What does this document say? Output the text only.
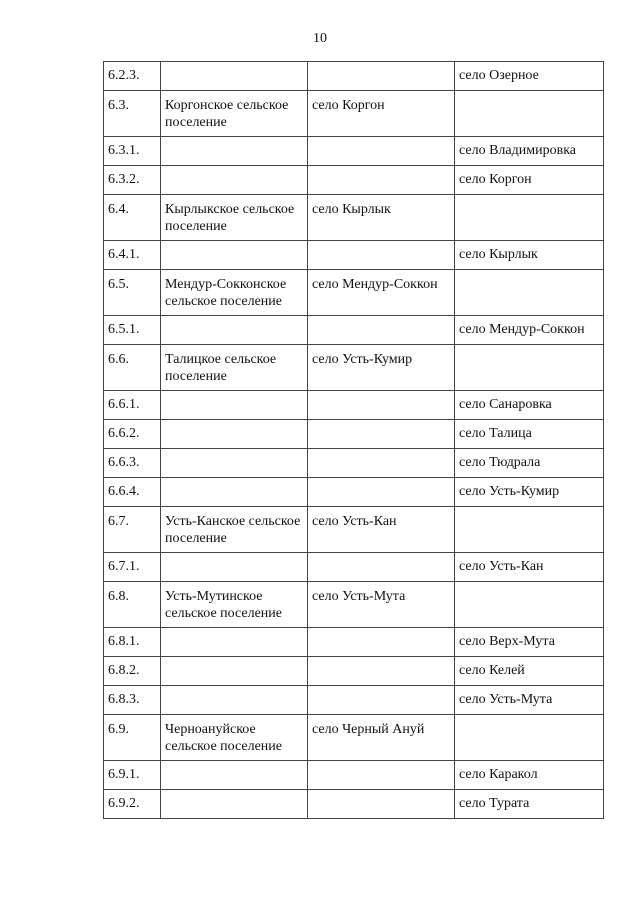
10
6.2.3.			село Озерное
6.3.	Коргонское сельское поселение	село Коргон	
6.3.1.			село Владимировка
6.3.2.			село Коргон
6.4.	Кырлыкское сельское поселение	село Кырлык	
6.4.1.			село Кырлык
6.5.	Мендур-Сокконское сельское поселение	село Мендур-Соккон	
6.5.1.			село Мендур-Соккон
6.6.	Талицкое сельское поселение	село Усть-Кумир	
6.6.1.			село Санаровка
6.6.2.			село Талица
6.6.3.			село Тюдрала
6.6.4.			село Усть-Кумир
6.7.	Усть-Канское сельское поселение	село Усть-Кан	
6.7.1.			село Усть-Кан
6.8.	Усть-Мутинское сельское поселение	село Усть-Мута	
6.8.1.			село Верх-Мута
6.8.2.			село Келей
6.8.3.			село Усть-Мута
6.9.	Черноануйское сельское поселение	село Черный Ануй	
6.9.1.			село Каракол
6.9.2.			село Турата
